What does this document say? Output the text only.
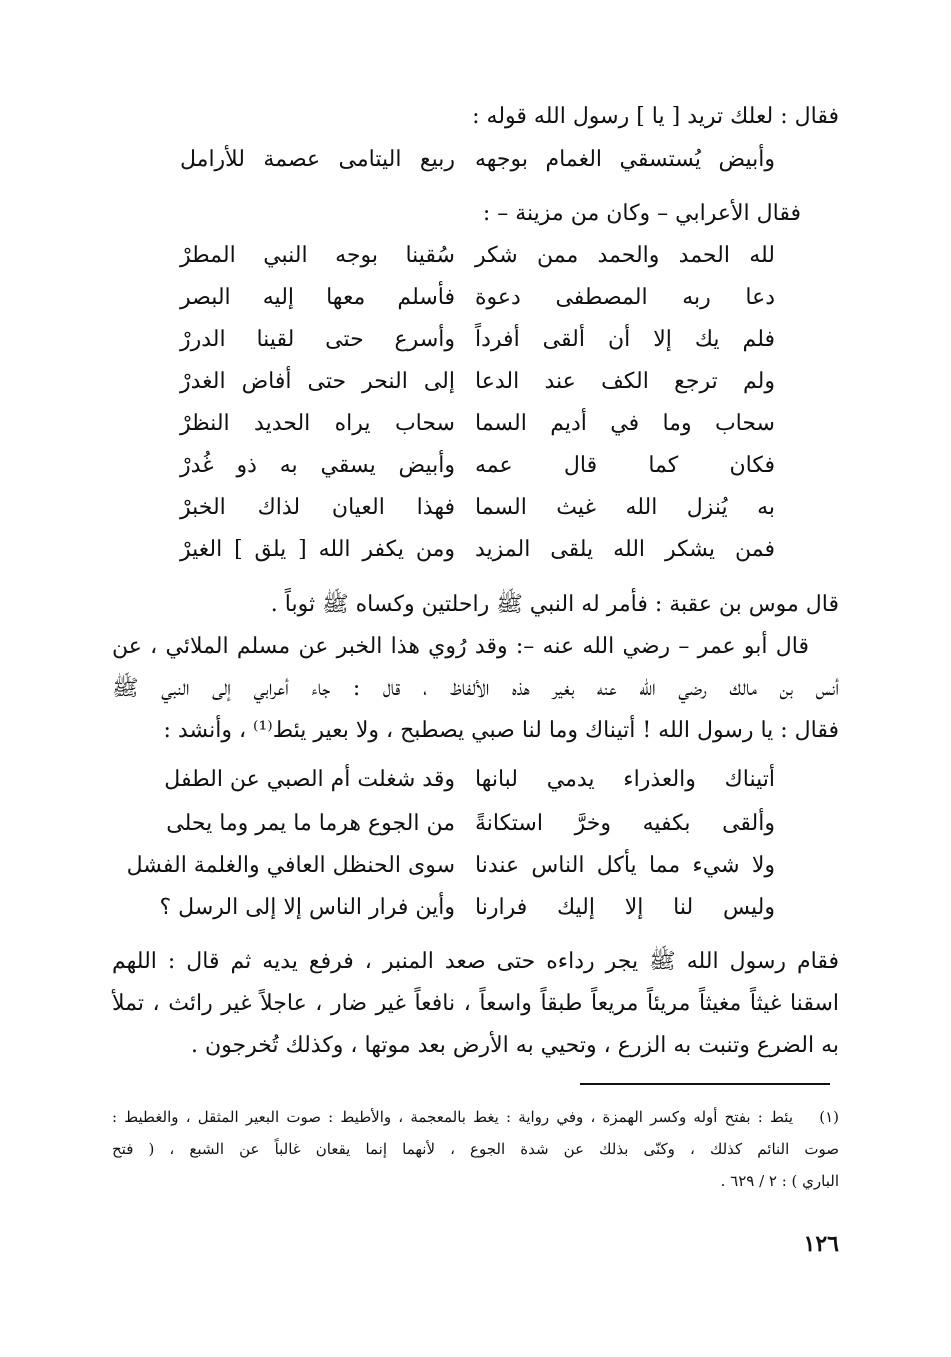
فقال : لعلك تريد [ يا ] رسول الله قوله :
وأبيض يُستسقي الغمام بوجهه
ربيع اليتامى عصمة للأرامل
فقال الأعرابي – وكان من مزينة – :
لله الحمد والحمد ممن شكر
سُقينا بوجه النبي المطرْ
دعا ربه المصطفى دعوة
فأسلم معها إليه البصر
فلم يك إلا أن ألقى أفرداً
وأسرع حتى لقينا الدررْ
ولم ترجع الكف عند الدعا
إلى النحر حتى أفاض الغدرْ
سحاب وما في أديم السما
سحاب يراه الحديد النظرْ
فكان كما قال عمه
وأبيض يسقي به ذو غُدرْ
به يُنزل الله غيث السما
فهذا العيان لذاك الخبرْ
فمن يشكر الله يلقى المزيد
ومن يكفر الله [ يلق ] الغيرْ
قال موس بن عقبة : فأمر له النبي ﷺ راحلتين وكساه ﷺ ثوباً .
قال أبو عمر – رضي الله عنه –: وقد رُوي هذا الخبر عن مسلم الملائي ، عن
أنس بن مالك رضي الله عنه بغير هذه الألفاظ ، قال : جاء أعرابي إلى النبي ﷺ
فقال : يا رسول الله ! أتيناك وما لنا صبي يصطبح ، ولا بعير يئط⁽¹⁾ ، وأنشد :
أتيناك والعذراء يدمي لبانها
وقد شغلت أم الصبي عن الطفل
وألقى بكفيه وخرَّ استكانةً
من الجوع هرما ما يمر وما يحلى
ولا شيء مما يأكل الناس عندنا
سوى الحنظل العافي والغلمة الفشل
وليس لنا إلا إليك فرارنا
وأين فرار الناس إلا إلى الرسل ؟
فقام رسول الله ﷺ يجر رداءه حتى صعد المنبر ، فرفع يديه ثم قال : اللهم
اسقنا غيثاً مغيثاً مريئاً مريعاً طبقاً واسعاً ، نافعاً غير ضار ، عاجلاً غير رائث ، تملأ
به الضرع وتنبت به الزرع ، وتحيي به الأرض بعد موتها ، وكذلك تُخرجون .
(١)
يئط : بفتح أوله وكسر الهمزة ، وفي رواية : يغط بالمعجمة ، والأطيط : صوت البعير المثقل ، والغطيط :
صوت النائم كذلك ، وكنّى بذلك عن شدة الجوع ، لأنهما إنما يقعان غالباً عن الشبع ، ( فتح
الباري ) : ٢ / ٦٢٩ .
١٢٦
